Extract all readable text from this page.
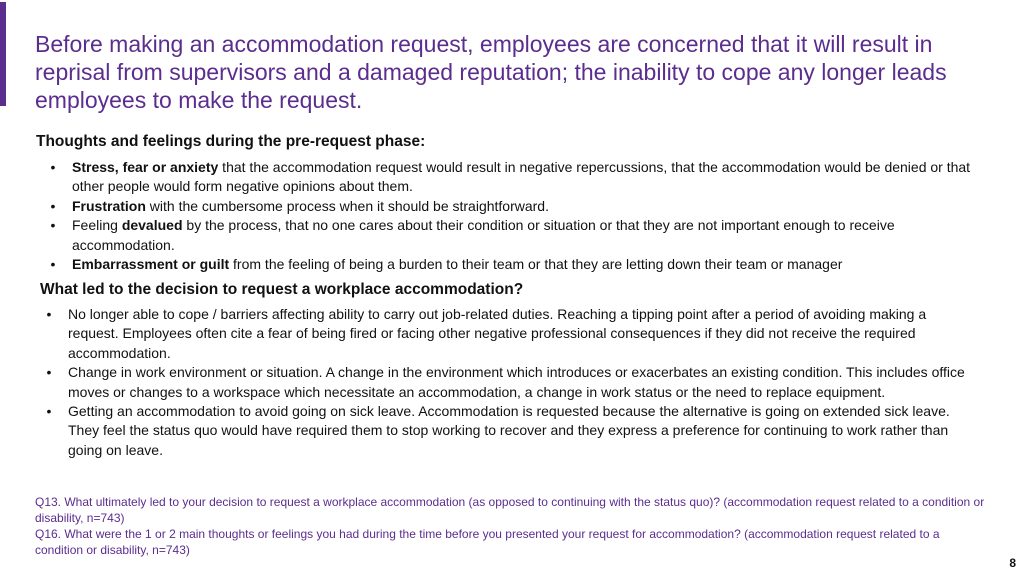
Before making an accommodation request, employees are concerned that it will result in reprisal from supervisors and a damaged reputation; the inability to cope any longer leads employees to make the request.
Thoughts and feelings during the pre-request phase:
•	Stress, fear or anxiety that the accommodation request would result in negative repercussions, that the accommodation would be denied or that other people would form negative opinions about them.
•	Frustration with the cumbersome process when it should be straightforward.
•	Feeling devalued by the process, that no one cares about their condition or situation or that they are not important enough to receive accommodation.
•	Embarrassment or guilt from the feeling of being a burden to their team or that they are letting down their team or manager
What led to the decision to request a workplace accommodation?
•	No longer able to cope / barriers affecting ability to carry out job-related duties. Reaching a tipping point after a period of avoiding making a request. Employees often cite a fear of being fired or facing other negative professional consequences if they did not receive the required accommodation.
•	Change in work environment or situation. A change in the environment which introduces or exacerbates an existing condition. This includes office moves or changes to a workspace which necessitate an accommodation, a change in work status or the need to replace equipment.
•	Getting an accommodation to avoid going on sick leave. Accommodation is requested because the alternative is going on extended sick leave. They feel the status quo would have required them to stop working to recover and they express a preference for continuing to work rather than going on leave.

Q13. What ultimately led to your decision to request a workplace accommodation (as opposed to continuing with the status quo)? (accommodation request related to a condition or disability, n=743)

Q16. What were the 1 or 2 main thoughts or feelings you had during the time before you presented your request for accommodation? (accommodation request related to a condition or disability, n=743)

8
